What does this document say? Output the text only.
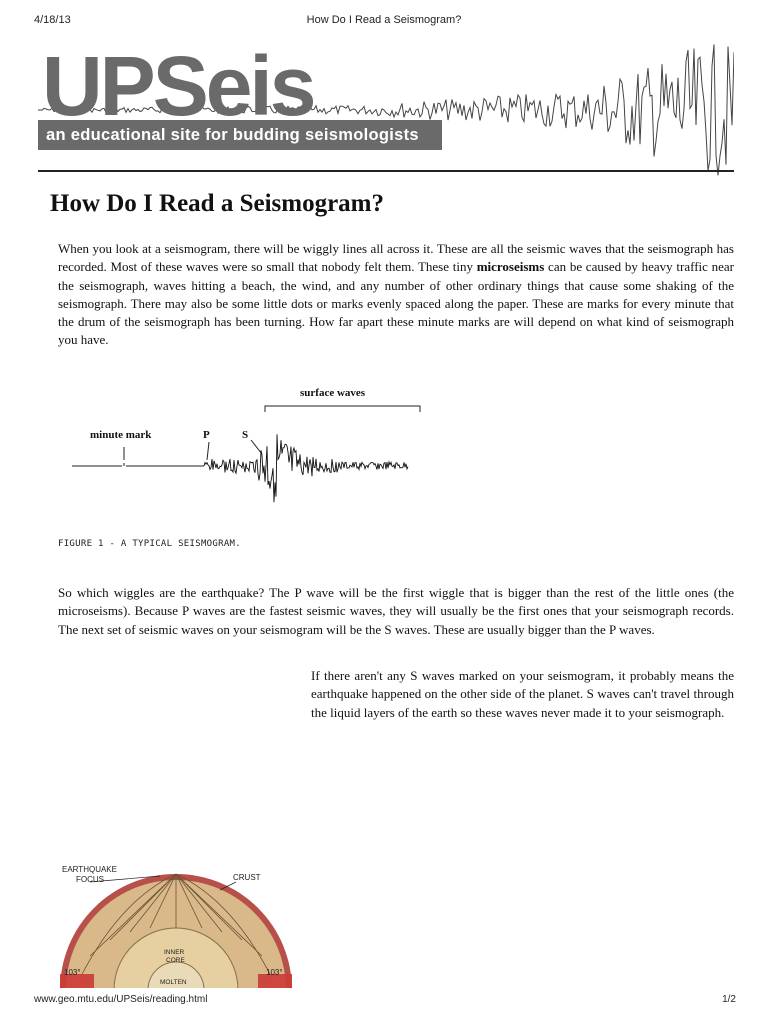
4/18/13	How Do I Read a Seismogram?
UPSeis
an educational site for budding seismologists
How Do I Read a Seismogram?

When you look at a seismogram, there will be wiggly lines all across it. These are all the seismic waves that the seismograph has recorded. Most of these waves were so small that nobody felt them. These tiny microseisms can be caused by heavy traffic near the seismograph, waves hitting a beach, the wind, and any number of other ordinary things that cause some shaking of the seismograph. There may also be some little dots or marks evenly spaced along the paper. These are marks for every minute that the drum of the seismograph has been turning. How far apart these minute marks are will depend on what kind of seismograph you have.

surface waves
minute mark	P	S
FIGURE 1 - A TYPICAL SEISMOGRAM.

So which wiggles are the earthquake? The P wave will be the first wiggle that is bigger than the rest of the little ones (the microseisms). Because P waves are the fastest seismic waves, they will usually be the first ones that your seismograph records. The next set of seismic waves on your seismogram will be the S waves. These are usually bigger than the P waves.

If there aren't any S waves marked on your seismogram, it probably means the earthquake happened on the other side of the planet. S waves can't travel through the liquid layers of the earth so these waves never made it to your seismograph.

EARTHQUAKE
FOCUS	CRUST
INNER
CORE
MOLTEN
103°	103°
www.geo.mtu.edu/UPSeis/reading.html	1/2
